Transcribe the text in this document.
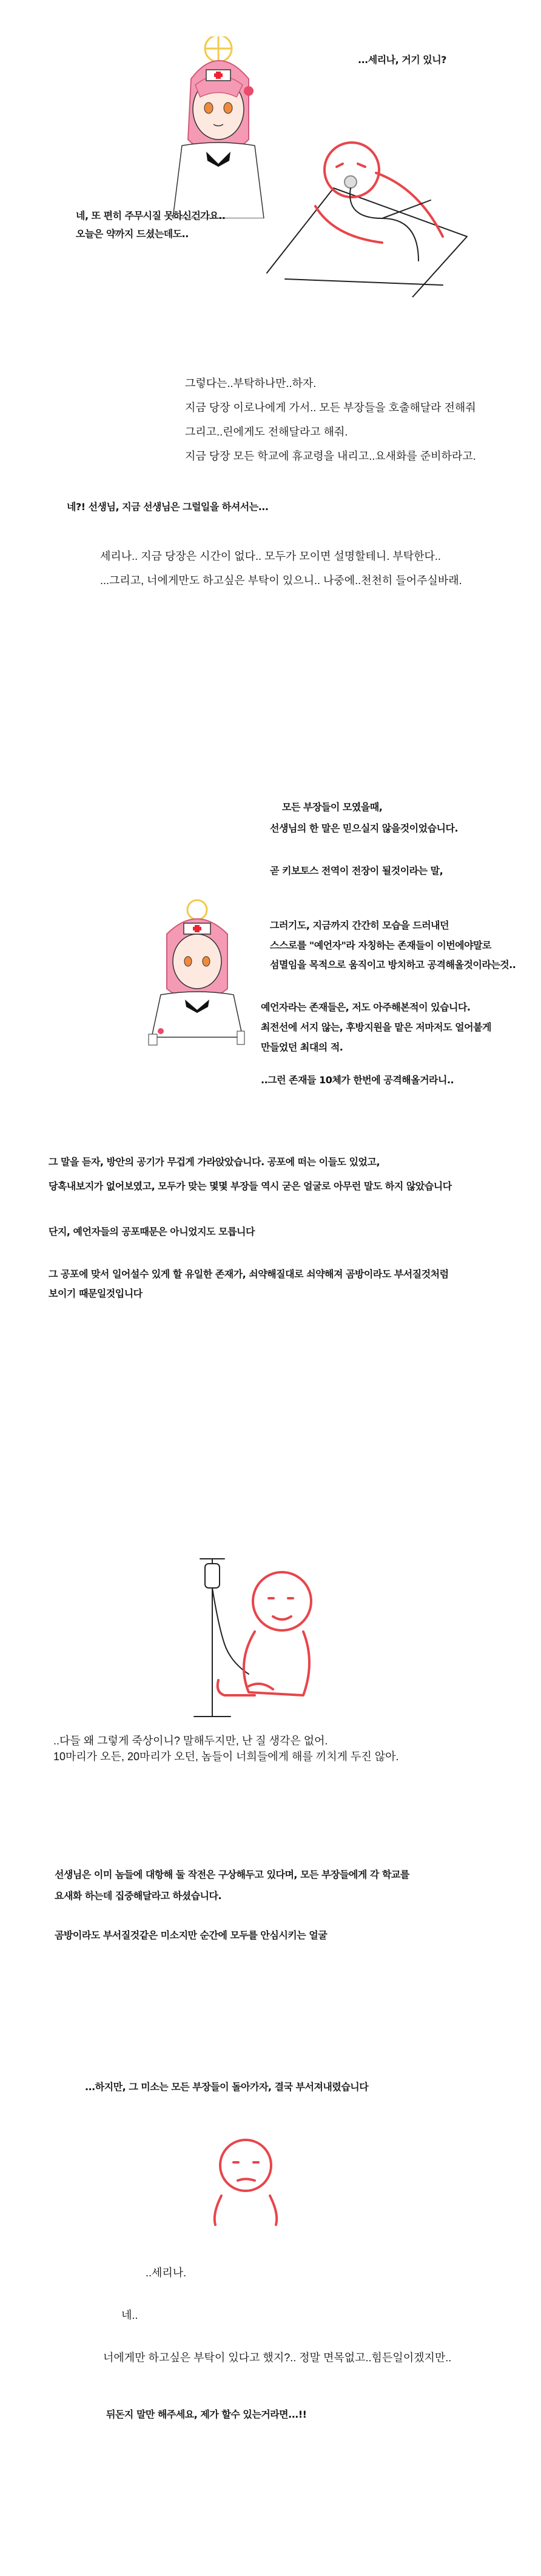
...세리나, 거기 있니?
네, 또 편히 주무시질 못하신건가요..
오늘은 약까지 드셨는데도..
그렇다는..부탁하나만..하자.
지금 당장 이로나에게 가서.. 모든 부장들을 호출해달라 전해줘
그리고..린에게도 전해달라고 해줘.
지금 당장 모든 학교에 휴교령을 내리고..요새화를 준비하라고.
네?! 선생님, 지금 선생님은 그럴일을 하셔서는...
세리나.. 지금 당장은 시간이 없다.. 모두가 모이면 설명할테니. 부탁한다..
...그리고, 너에게만도 하고싶은 부탁이 있으니.. 나중에..천천히 들어주실바래.
모든 부장들이 모였을때,
선생님의 한 말은 믿으실지 않을것이었습니다.
곧 키보토스 전역이 전장이 될것이라는 말,
그러기도, 지금까지 간간히 모습을 드러내던
스스로를 "예언자"라 자칭하는 존재들이 이번에야말로
섬멸임을 목적으로 움직이고 방치하고 공격해올것이라는것..
예언자라는 존재들은, 저도 아주해본적이 있습니다.
최전선에 서지 않는, 후방지원을 맡은 저마저도 얼어붙게
만들었던 최대의 적.
..그런 존재들 10체가 한번에 공격해올거라니..
그 말을 듣자, 방안의 공기가 무겁게 가라앉았습니다. 공포에 떠는 이들도 있었고,
당혹내보지가 없어보였고, 모두가 맞는 몇몇 부장들 역시 굳은 얼굴로 아무런 말도 하지 않았습니다
단지, 예언자들의 공포때문은 아니었지도 모릅니다
그 공포에 맞서 일어설수 있게 할 유일한 존재가, 쇠약해질대로 쇠약해져 곰방이라도 부서질것처럼
보이기 때문일것입니다
..다들 왜 그렇게 죽상이니? 말해두지만, 난 질 생각은 없어.
10마리가 오든, 20마리가 오던, 놈들이 너희들에게 해를 끼치게 두진 않아.
선생님은 이미 놈들에 대항해 둘 작전은 구상해두고 있다며, 모든 부장들에게 각 학교를
요새화 하는데 집중해달라고 하셨습니다.
곰방이라도 부서질것같은 미소지만 순간에 모두를 안심시키는 얼굴
...하지만, 그 미소는 모든 부장들이 돌아가자, 결국 부서져내렸습니다
..세리나.
네..
너에게만 하고싶은 부탁이 있다고 했지?.. 정말 면목없고..힘든일이겠지만..
뒤돈지 말만 해주세요, 제가 할수 있는거라면...!!
